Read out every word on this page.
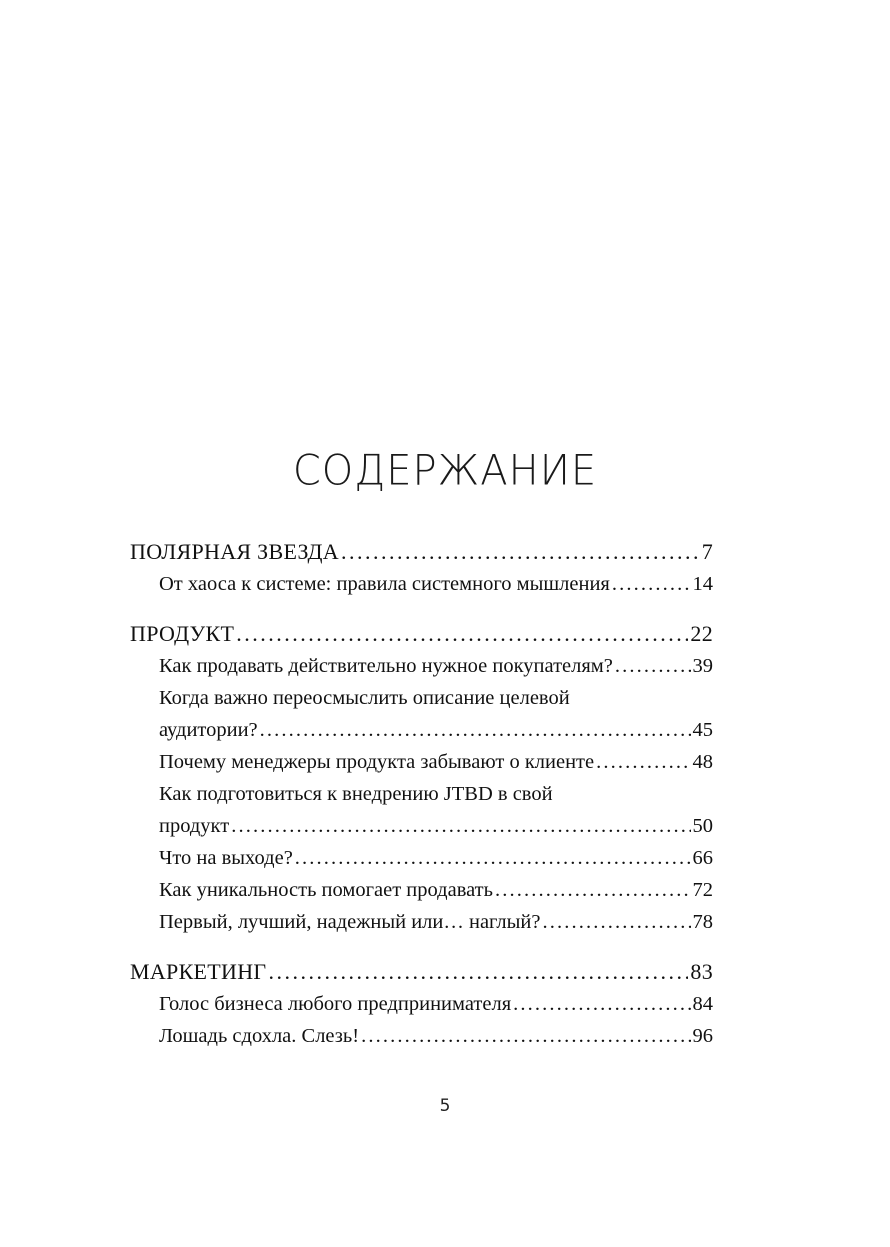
СОДЕРЖАНИЕ
ПОЛЯРНАЯ ЗВЕЗДА . . .	7
От хаоса к системе: правила системного мышления . . .	14
ПРОДУКТ . . .	22
Как продавать действительно нужное покупателям? . . .	39
Когда важно переосмыслить описание целевой
аудитории? . . .	45
Почему менеджеры продукта забывают о клиенте . . .	48
Как подготовиться к внедрению JTBD в свой
продукт . . .	50
Что на выходе? . . .	66
Как уникальность помогает продавать . . .	72
Первый, лучший, надежный или… наглый? . . .	78
МАРКЕТИНГ . . .	83
Голос бизнеса любого предпринимателя . . .	84
Лошадь сдохла. Слезь! . . .	96
5
